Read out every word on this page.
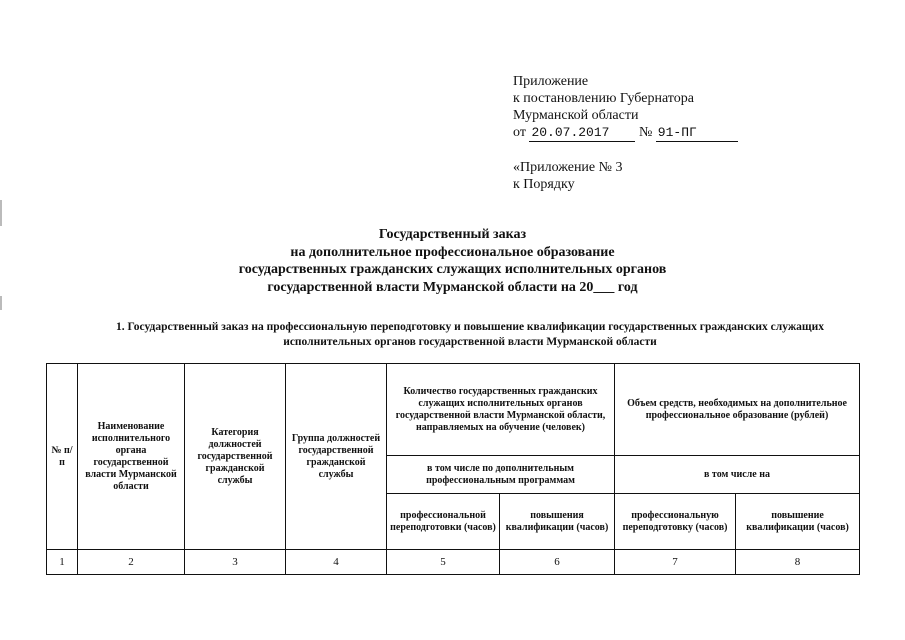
Приложение
к постановлению Губернатора
Мурманской области
от 20.07.2017 № 91-ПГ
«Приложение № 3
к Порядку
Государственный заказ
на дополнительное профессиональное образование
государственных гражданских служащих исполнительных органов
государственной власти Мурманской области на 20___ год
1. Государственный заказ на профессиональную переподготовку и повышение квалификации государственных гражданских служащих
исполнительных органов государственной власти Мурманской области
№ п/п	Наименование исполнительного органа государственной власти Мурманской области	Категория должностей государственной гражданской службы	Группа должностей государственной гражданской службы	Количество государственных гражданских служащих исполнительных органов государственной власти Мурманской области, направляемых на обучение (человек)		Объем средств, необходимых на дополнительное профессиональное образование (рублей)	
				в том числе по дополнительным профессиональным программам		в том числе на	
				профессиональной переподготовки (часов)	повышения квалификации (часов)	профессиональную переподготовку (часов)	повышение квалификации (часов)
1	2	3	4	5	6	7	8
